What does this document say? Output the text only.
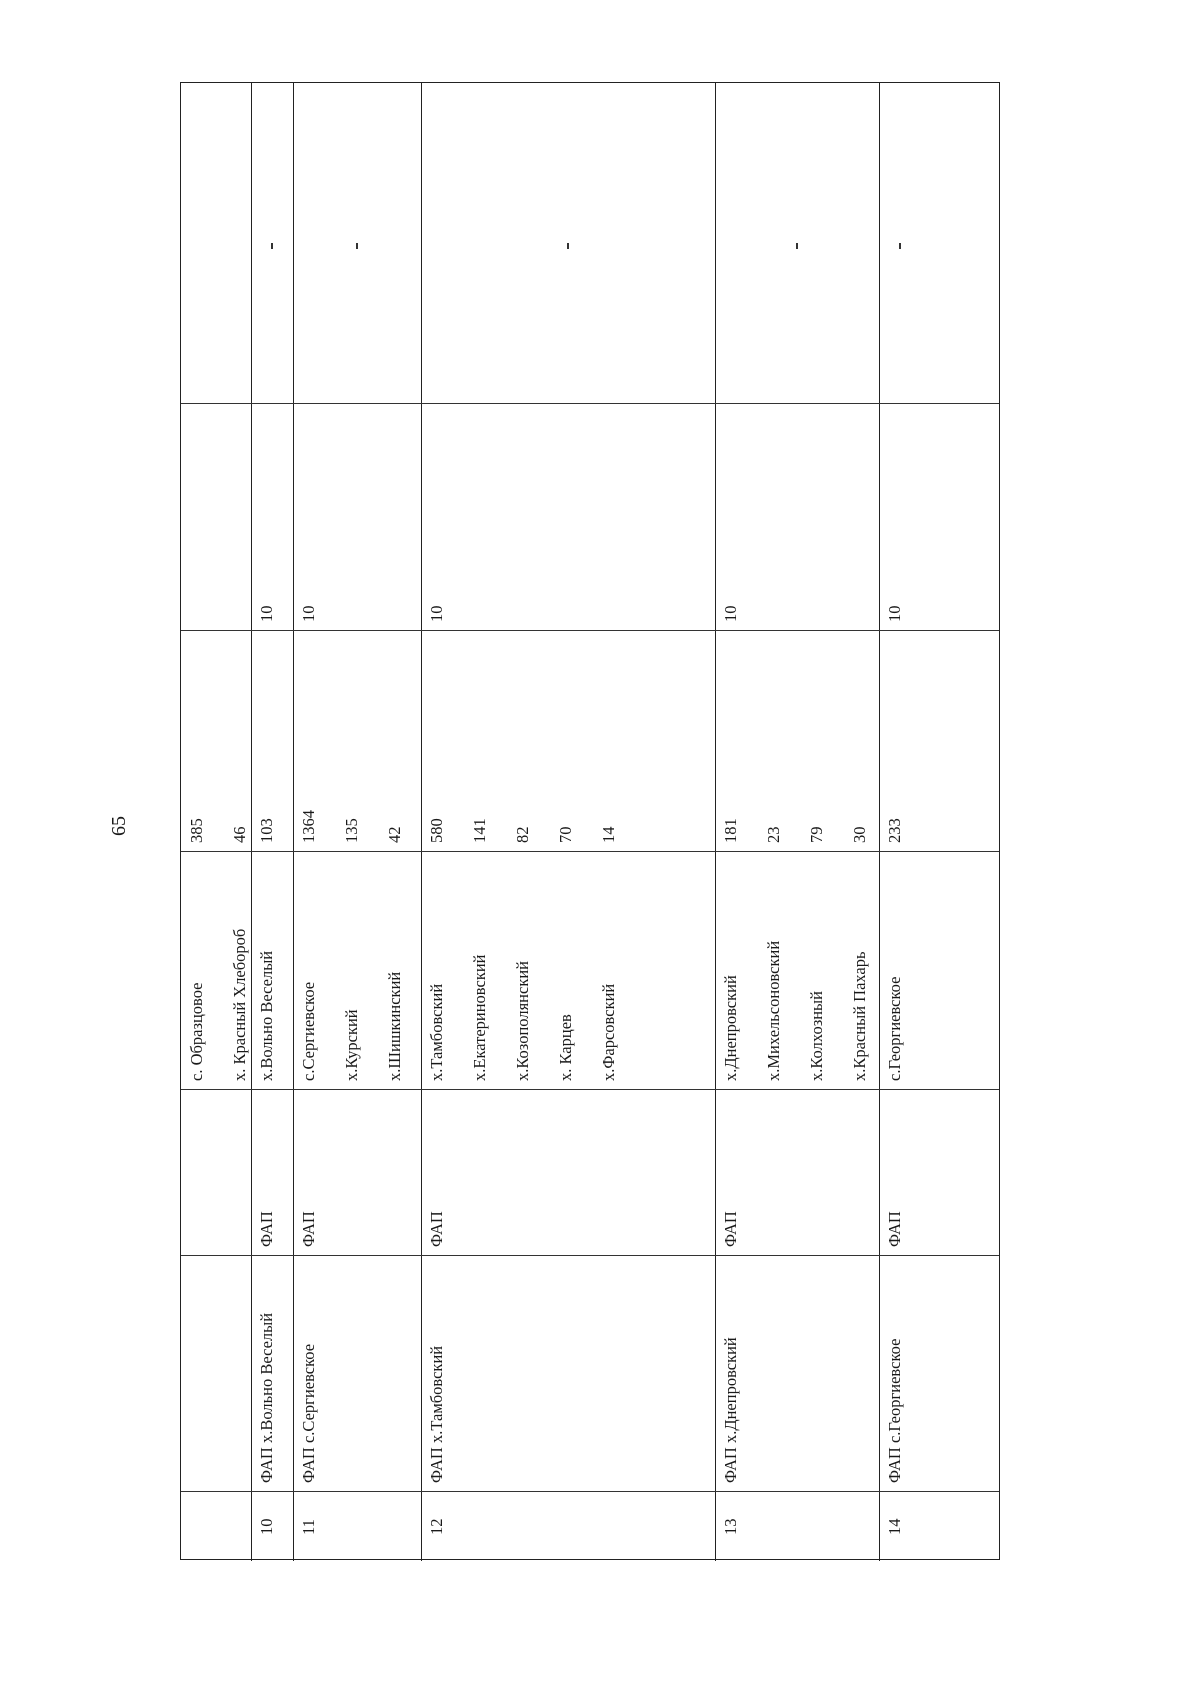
65
с. Образцовое
385
х. Красный Хлебороб
46
10
ФАП х.Вольно Веселый
ФАП
10
х.Вольно Веселый
103
11
ФАП с.Сергиевское
ФАП
10
с.Сергиевское
1364
х.Курский
135
х.Шишкинский
42
12
ФАП х.Тамбовский
ФАП
10
х.Тамбовский
580
х.Екатериновский
141
х.Козополянский
82
х. Карцев
70
х.Фарсовский
14
13
ФАП х.Днепровский
ФАП
10
х.Днепровский
181
х.Михельсоновский
23
х.Колхозный
79
х.Красный Пахарь
30
14
ФАП с.Георгиевское
ФАП
10
с.Георгиевское
233
